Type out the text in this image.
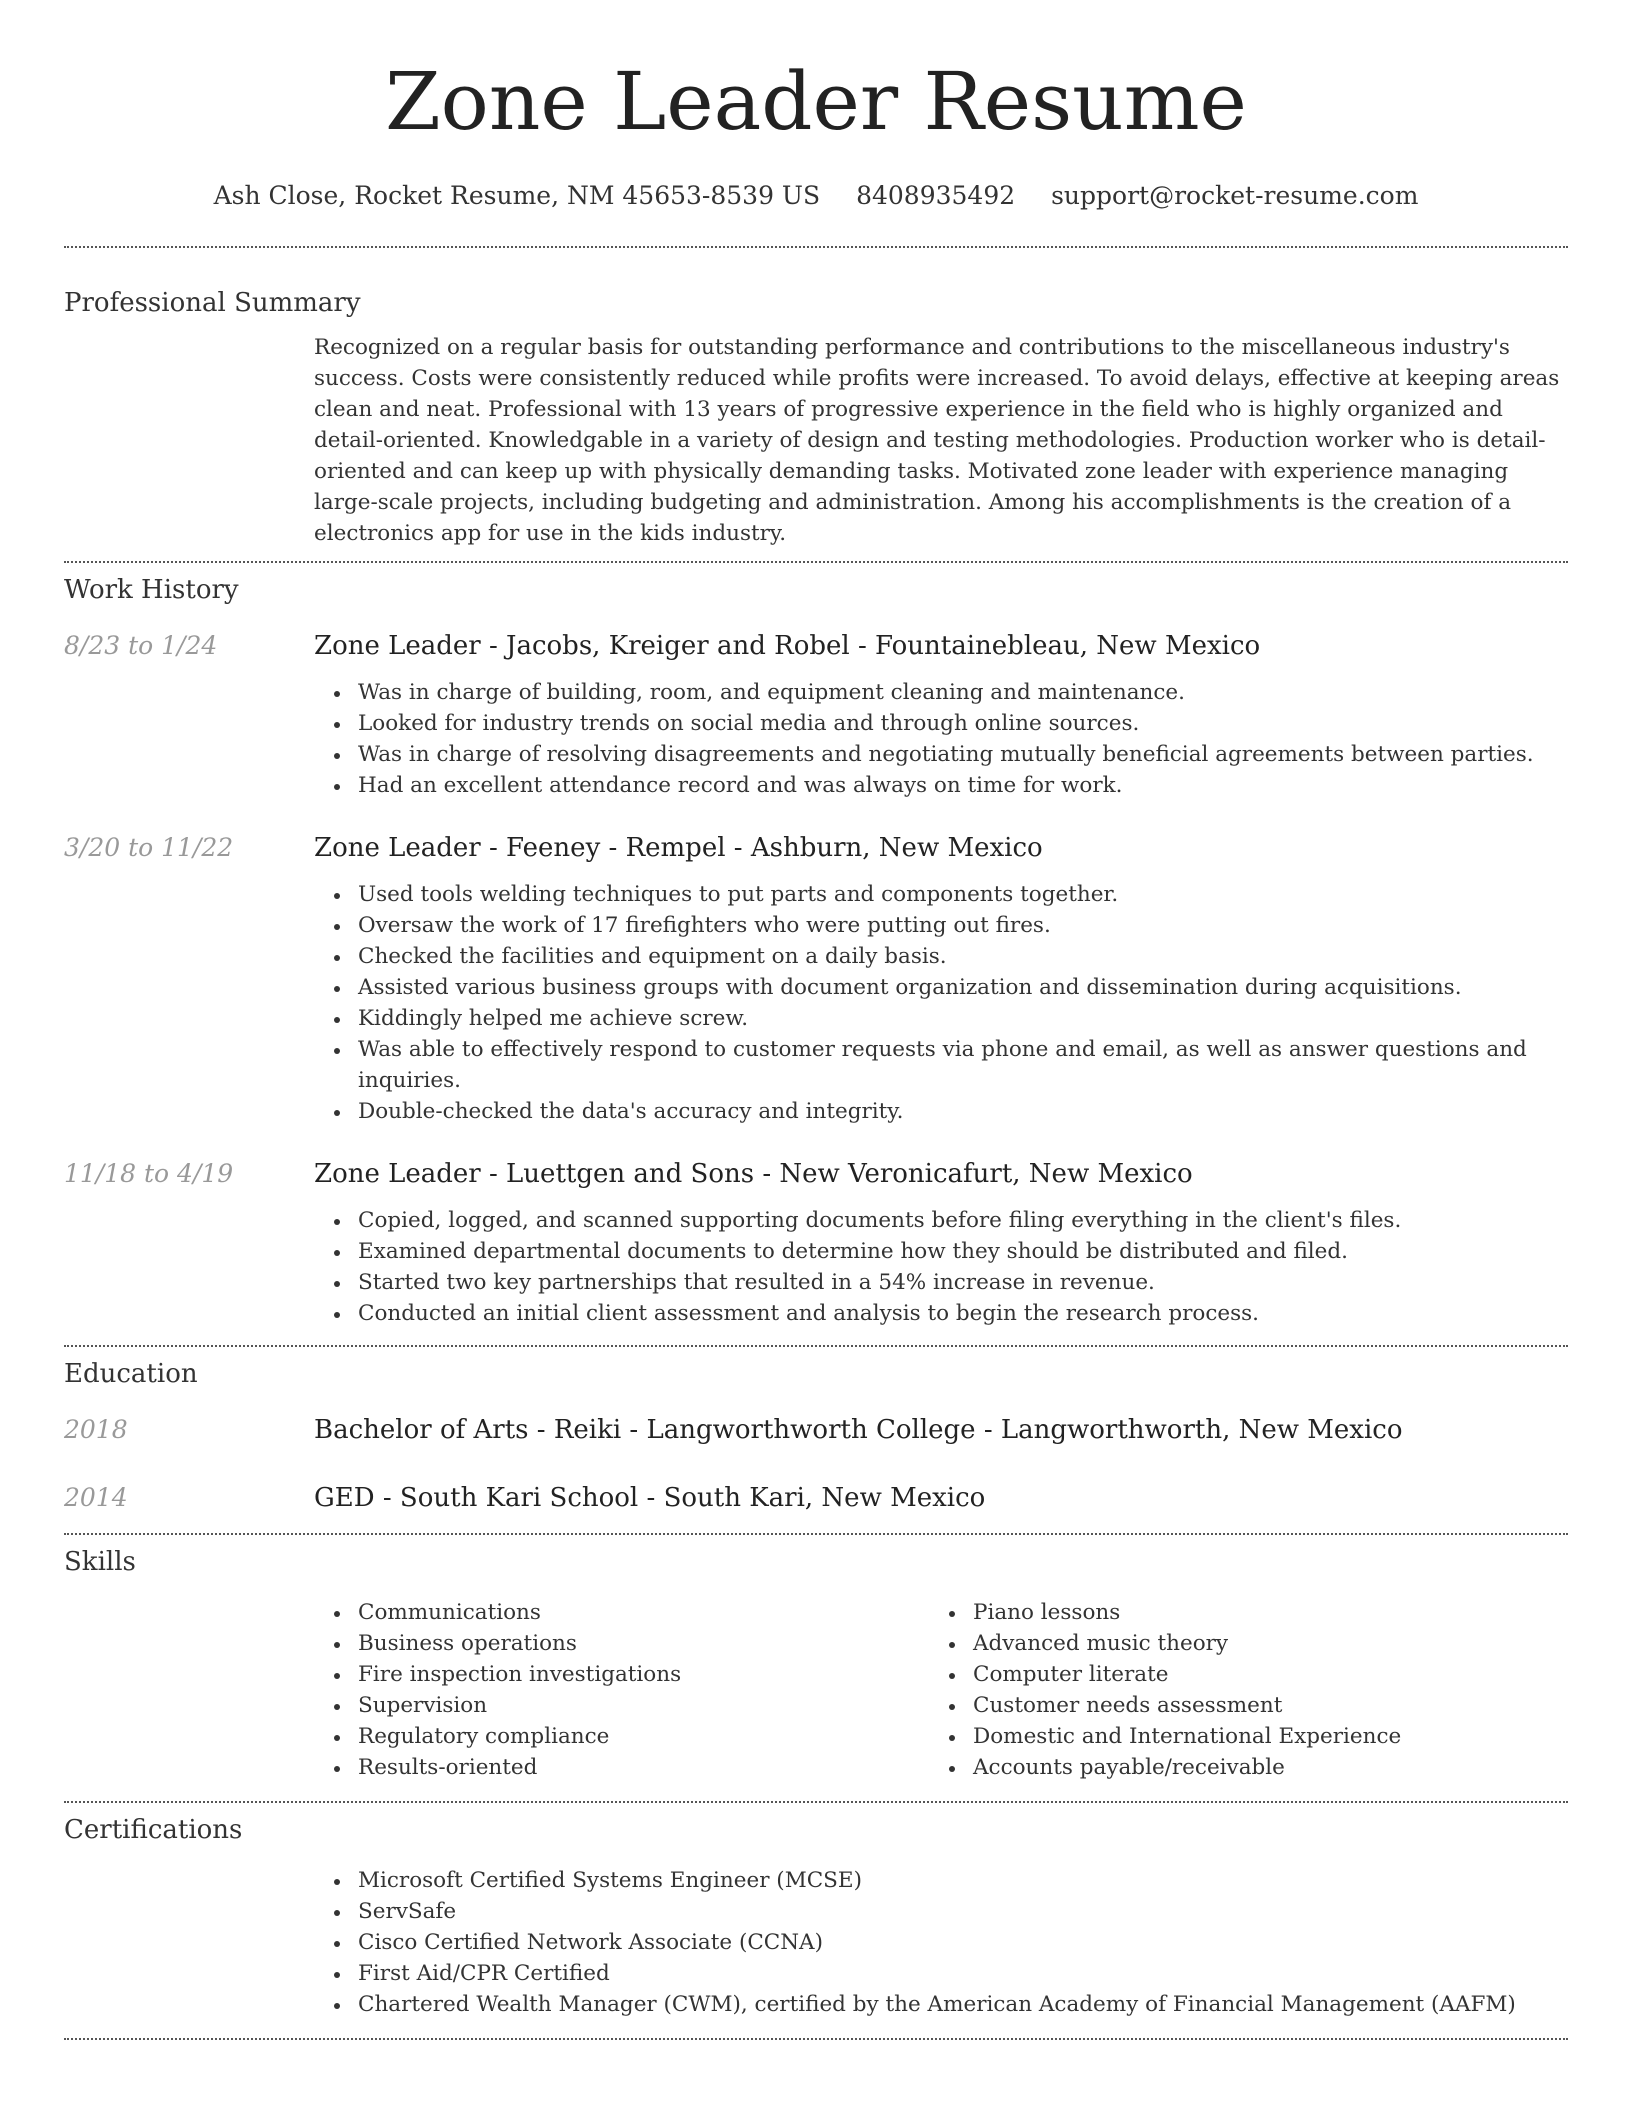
Zone Leader Resume
Ash Close, Rocket Resume, NM 45653-8539 US 8408935492 support@rocket-resume.com
Professional Summary

Recognized on a regular basis for outstanding performance and contributions to the miscellaneous industry's success. Costs were consistently reduced while profits were increased. To avoid delays, effective at keeping areas clean and neat. Professional with 13 years of progressive experience in the field who is highly organized and detail-oriented. Knowledgable in a variety of design and testing methodologies. Production worker who is detail-oriented and can keep up with physically demanding tasks. Motivated zone leader with experience managing large-scale projects, including budgeting and administration. Among his accomplishments is the creation of a electronics app for use in the kids industry.

Work History
8/23 to 1/24	Zone Leader - Jacobs, Kreiger and Robel - Fountainebleau, New Mexico
Was in charge of building, room, and equipment cleaning and maintenance.
Looked for industry trends on social media and through online sources.
Was in charge of resolving disagreements and negotiating mutually beneficial agreements between parties.
Had an excellent attendance record and was always on time for work.
3/20 to 11/22	Zone Leader - Feeney - Rempel - Ashburn, New Mexico
Used tools welding techniques to put parts and components together.
Oversaw the work of 17 firefighters who were putting out fires.
Checked the facilities and equipment on a daily basis.
Assisted various business groups with document organization and dissemination during acquisitions.
Kiddingly helped me achieve screw.
Was able to effectively respond to customer requests via phone and email, as well as answer questions and inquiries.
Double-checked the data's accuracy and integrity.
11/18 to 4/19	Zone Leader - Luettgen and Sons - New Veronicafurt, New Mexico
Copied, logged, and scanned supporting documents before filing everything in the client's files.
Examined departmental documents to determine how they should be distributed and filed.
Started two key partnerships that resulted in a 54% increase in revenue.
Conducted an initial client assessment and analysis to begin the research process.
Education
2018	Bachelor of Arts - Reiki - Langworthworth College - Langworthworth, New Mexico
2014	GED - South Kari School - South Kari, New Mexico
Skills
Communications
Business operations
Fire inspection investigations
Supervision
Regulatory compliance
Results-oriented
Piano lessons
Advanced music theory
Computer literate
Customer needs assessment
Domestic and International Experience
Accounts payable/receivable
Certifications
Microsoft Certified Systems Engineer (MCSE)
ServSafe
Cisco Certified Network Associate (CCNA)
First Aid/CPR Certified
Chartered Wealth Manager (CWM), certified by the American Academy of Financial Management (AAFM)
